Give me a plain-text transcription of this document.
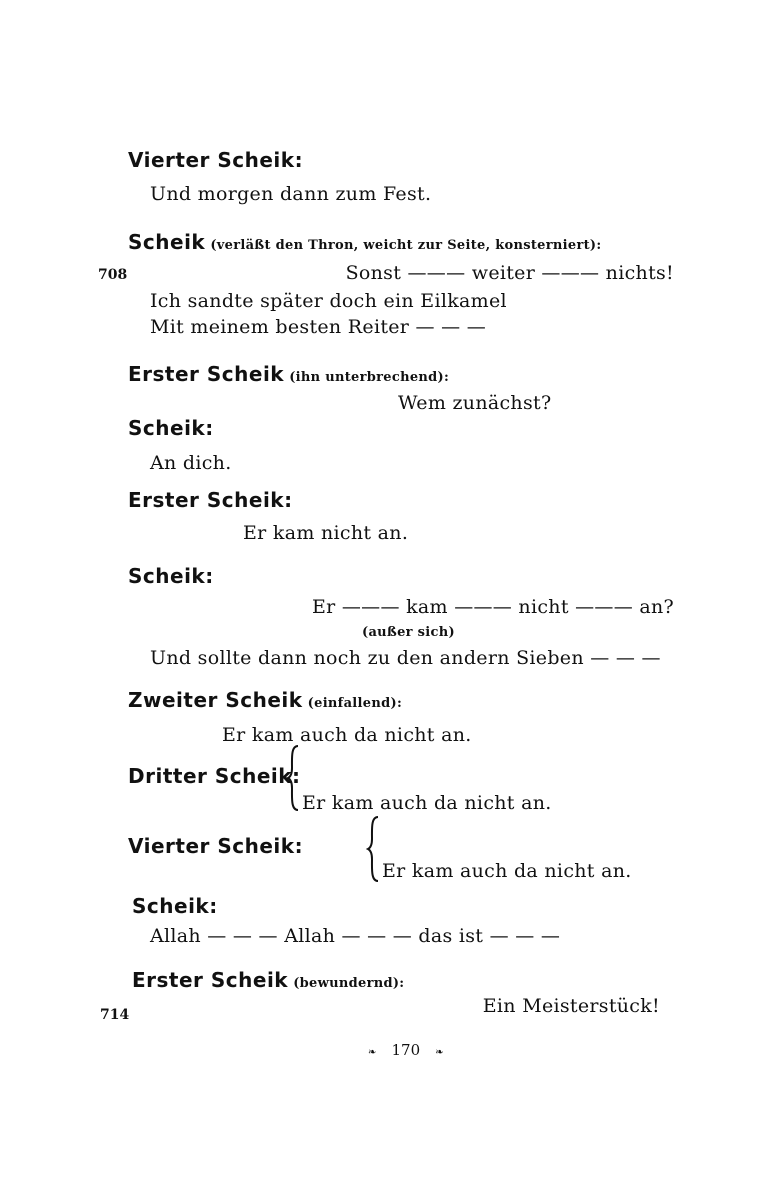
Vierter Scheik:
Und morgen dann zum Fest.
Scheik (verläßt den Thron, weicht zur Seite, konsterniert):
708	Sonst ——— weiter ——— nichts!
Ich sandte später doch ein Eilkamel
Mit meinem besten Reiter — — —
Erster Scheik (ihn unterbrechend):
Wem zunächst?
Scheik:
An dich.
Erster Scheik:
Er kam nicht an.
Scheik:
Er ——— kam ——— nicht ——— an?
(außer sich)
Und sollte dann noch zu den andern Sieben — — —
Zweiter Scheik (einfallend):
Er kam auch da nicht an.
Dritter Scheik:
Er kam auch da nicht an.
Vierter Scheik:
Er kam auch da nicht an.
Scheik:
Allah — — — Allah — — — das ist — — —
Erster Scheik (bewundernd):
714	Ein Meisterstück!
❧ 170 ❧
